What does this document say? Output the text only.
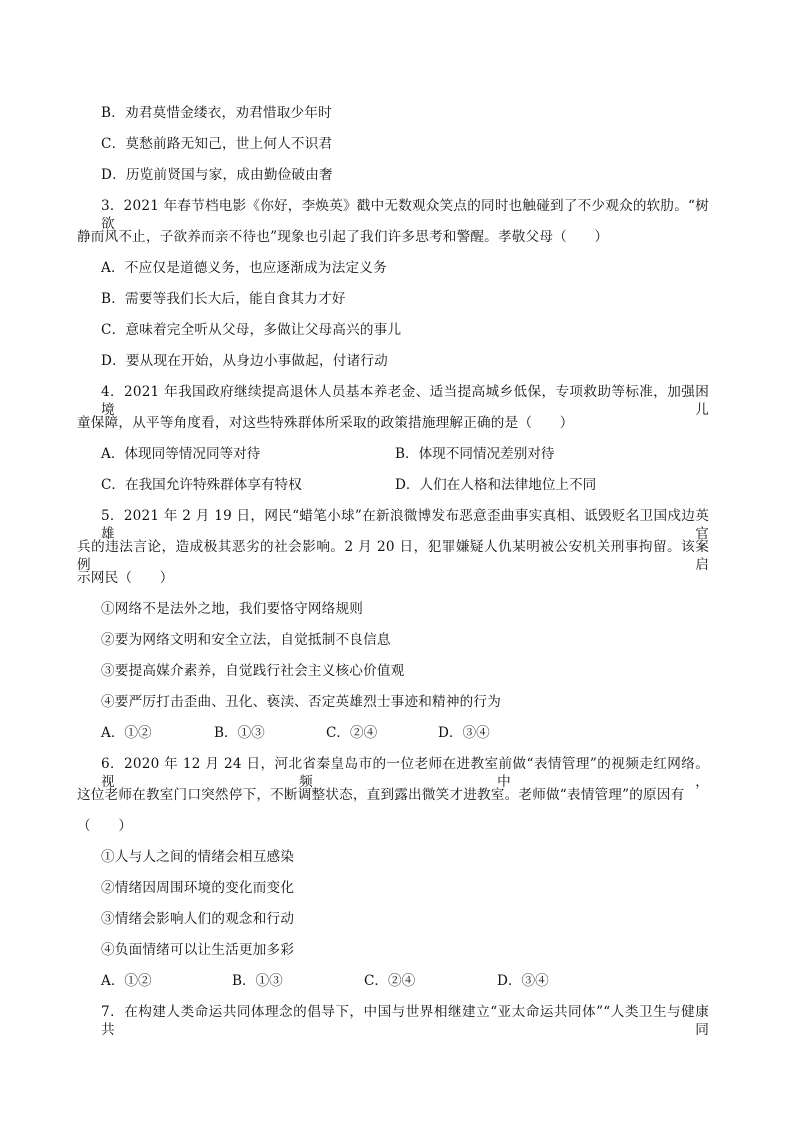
B．劝君莫惜金缕衣，劝君惜取少年时
C．莫愁前路无知己，世上何人不识君
D．历览前贤国与家，成由勤俭破由奢
3．2021 年春节档电影《你好，李焕英》戳中无数观众笑点的同时也触碰到了不少观众的软肋。“树欲
静而风不止，子欲养而亲不待也”现象也引起了我们许多思考和警醒。孝敬父母（　　）
A．不应仅是道德义务，也应逐渐成为法定义务
B．需要等我们长大后，能自食其力才好
C．意味着完全听从父母，多做让父母高兴的事儿
D．要从现在开始，从身边小事做起，付诸行动
4．2021 年我国政府继续提高退休人员基本养老金、适当提高城乡低保，专项救助等标准，加强困境儿
童保障，从平等角度看，对这些特殊群体所采取的政策措施理解正确的是（　　）
A．体现同等情况同等对待	B．体现不同情况差别对待
C．在我国允许特殊群体享有特权	D．人们在人格和法律地位上不同
5．2021 年 2 月 19 日，网民“蜡笔小球”在新浪微博发布恶意歪曲事实真相、诋毁贬名卫国戍边英雄官
兵的违法言论，造成极其恶劣的社会影响。2 月 20 日，犯罪嫌疑人仇某明被公安机关刑事拘留。该案例启
示网民（　　）
①网络不是法外之地，我们要恪守网络规则
②要为网络文明和安全立法，自觉抵制不良信息
③要提高媒介素养，自觉践行社会主义核心价值观
④要严厉打击歪曲、丑化、亵渎、否定英雄烈士事迹和精神的行为
A．①②	B．①③	C．②④	D．③④
6．2020 年 12 月 24 日，河北省秦皇岛市的一位老师在进教室前做“表情管理”的视频走红网络。视频中，
这位老师在教室门口突然停下，不断调整状态，直到露出微笑才进教室。老师做“表情管理”的原因有
（　　）
①人与人之间的情绪会相互感染
②情绪因周围环境的变化而变化
③情绪会影响人们的观念和行动
④负面情绪可以让生活更加多彩
A．①②	B．①③	C．②④	D．③④
7．在构建人类命运共同体理念的倡导下，中国与世界相继建立“亚太命运共同体”“人类卫生与健康共同
